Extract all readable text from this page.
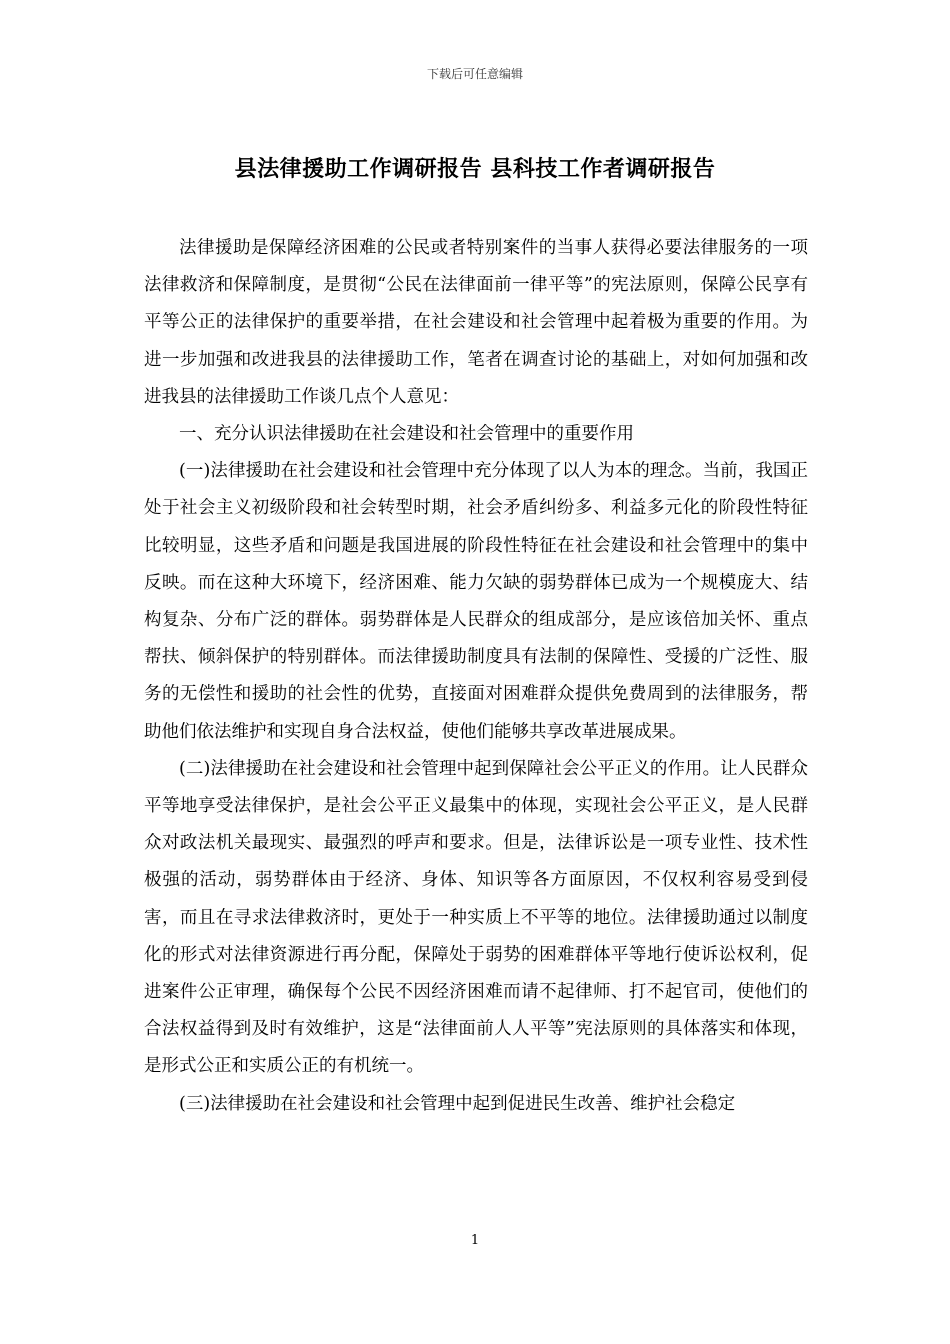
下载后可任意编辑
县法律援助工作调研报告 县科技工作者调研报告

法律援助是保障经济困难的公民或者特别案件的当事人获得必要法律服务的一项法律救济和保障制度，是贯彻“公民在法律面前一律平等”的宪法原则，保障公民享有平等公正的法律保护的重要举措，在社会建设和社会管理中起着极为重要的作用。为进一步加强和改进我县的法律援助工作，笔者在调查讨论的基础上，对如何加强和改进我县的法律援助工作谈几点个人意见：

一、充分认识法律援助在社会建设和社会管理中的重要作用

(一)法律援助在社会建设和社会管理中充分体现了以人为本的理念。当前，我国正处于社会主义初级阶段和社会转型时期，社会矛盾纠纷多、利益多元化的阶段性特征比较明显，这些矛盾和问题是我国进展的阶段性特征在社会建设和社会管理中的集中反映。而在这种大环境下，经济困难、能力欠缺的弱势群体已成为一个规模庞大、结构复杂、分布广泛的群体。弱势群体是人民群众的组成部分，是应该倍加关怀、重点帮扶、倾斜保护的特别群体。而法律援助制度具有法制的保障性、受援的广泛性、服务的无偿性和援助的社会性的优势，直接面对困难群众提供免费周到的法律服务，帮助他们依法维护和实现自身合法权益，使他们能够共享改革进展成果。

(二)法律援助在社会建设和社会管理中起到保障社会公平正义的作用。让人民群众平等地享受法律保护，是社会公平正义最集中的体现，实现社会公平正义，是人民群众对政法机关最现实、最强烈的呼声和要求。但是，法律诉讼是一项专业性、技术性极强的活动，弱势群体由于经济、身体、知识等各方面原因，不仅权利容易受到侵害，而且在寻求法律救济时，更处于一种实质上不平等的地位。法律援助通过以制度化的形式对法律资源进行再分配，保障处于弱势的困难群体平等地行使诉讼权利，促进案件公正审理，确保每个公民不因经济困难而请不起律师、打不起官司，使他们的合法权益得到及时有效维护，这是“法律面前人人平等”宪法原则的具体落实和体现，是形式公正和实质公正的有机统一。

(三)法律援助在社会建设和社会管理中起到促进民生改善、维护社会稳定

1
